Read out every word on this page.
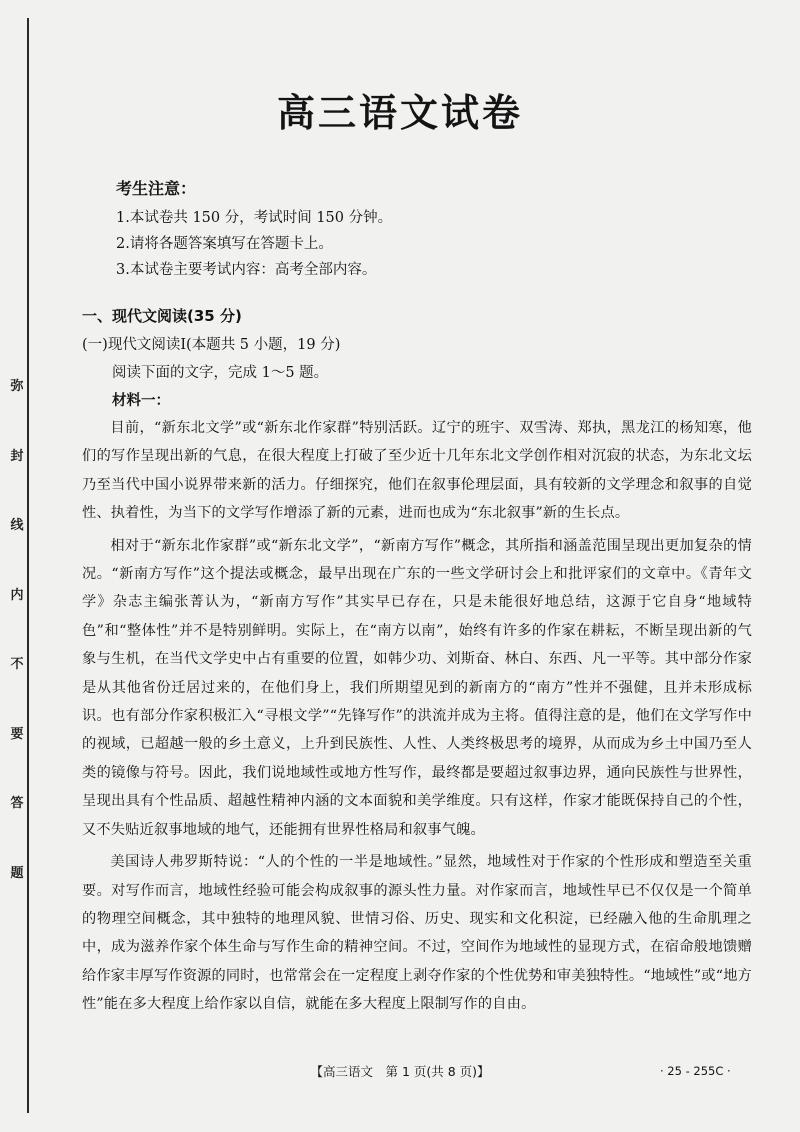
弥
封
线
内
不
要
答
题
高三语文试卷
考生注意：
1.本试卷共 150 分，考试时间 150 分钟。
2.请将各题答案填写在答题卡上。
3.本试卷主要考试内容：高考全部内容。
一、现代文阅读(35 分)
(一)现代文阅读Ⅰ(本题共 5 小题，19 分)
阅读下面的文字，完成 1～5 题。
材料一：

目前，“新东北文学”或“新东北作家群”特别活跃。辽宁的班宇、双雪涛、郑执，黑龙江的杨知寒，他们的写作呈现出新的气息，在很大程度上打破了至少近十几年东北文学创作相对沉寂的状态，为东北文坛乃至当代中国小说界带来新的活力。仔细探究，他们在叙事伦理层面，具有较新的文学理念和叙事的自觉性、执着性，为当下的文学写作增添了新的元素，进而也成为“东北叙事”新的生长点。

相对于“新东北作家群”或“新东北文学”，“新南方写作”概念，其所指和涵盖范围呈现出更加复杂的情况。“新南方写作”这个提法或概念，最早出现在广东的一些文学研讨会上和批评家们的文章中。《青年文学》杂志主编张菁认为，“新南方写作”其实早已存在，只是未能很好地总结，这源于它自身“地域特色”和“整体性”并不是特别鲜明。实际上，在“南方以南”，始终有许多的作家在耕耘，不断呈现出新的气象与生机，在当代文学史中占有重要的位置，如韩少功、刘斯奋、林白、东西、凡一平等。其中部分作家是从其他省份迁居过来的，在他们身上，我们所期望见到的新南方的“南方”性并不强健，且并未形成标识。也有部分作家积极汇入“寻根文学”“先锋写作”的洪流并成为主将。值得注意的是，他们在文学写作中的视域，已超越一般的乡土意义，上升到民族性、人性、人类终极思考的境界，从而成为乡土中国乃至人类的镜像与符号。因此，我们说地域性或地方性写作，最终都是要超过叙事边界，通向民族性与世界性，呈现出具有个性品质、超越性精神内涵的文本面貌和美学维度。只有这样，作家才能既保持自己的个性，又不失贴近叙事地域的地气，还能拥有世界性格局和叙事气魄。

美国诗人弗罗斯特说：“人的个性的一半是地域性。”显然，地域性对于作家的个性形成和塑造至关重要。对写作而言，地域性经验可能会构成叙事的源头性力量。对作家而言，地域性早已不仅仅是一个简单的物理空间概念，其中独特的地理风貌、世情习俗、历史、现实和文化积淀，已经融入他的生命肌理之中，成为滋养作家个体生命与写作生命的精神空间。不过，空间作为地域性的显现方式，在宿命般地馈赠给作家丰厚写作资源的同时，也常常会在一定程度上剥夺作家的个性优势和审美独特性。“地域性”或“地方性”能在多大程度上给作家以自信，就能在多大程度上限制写作的自由。

【高三语文　第 1 页(共 8 页)】	· 25 - 255C ·
